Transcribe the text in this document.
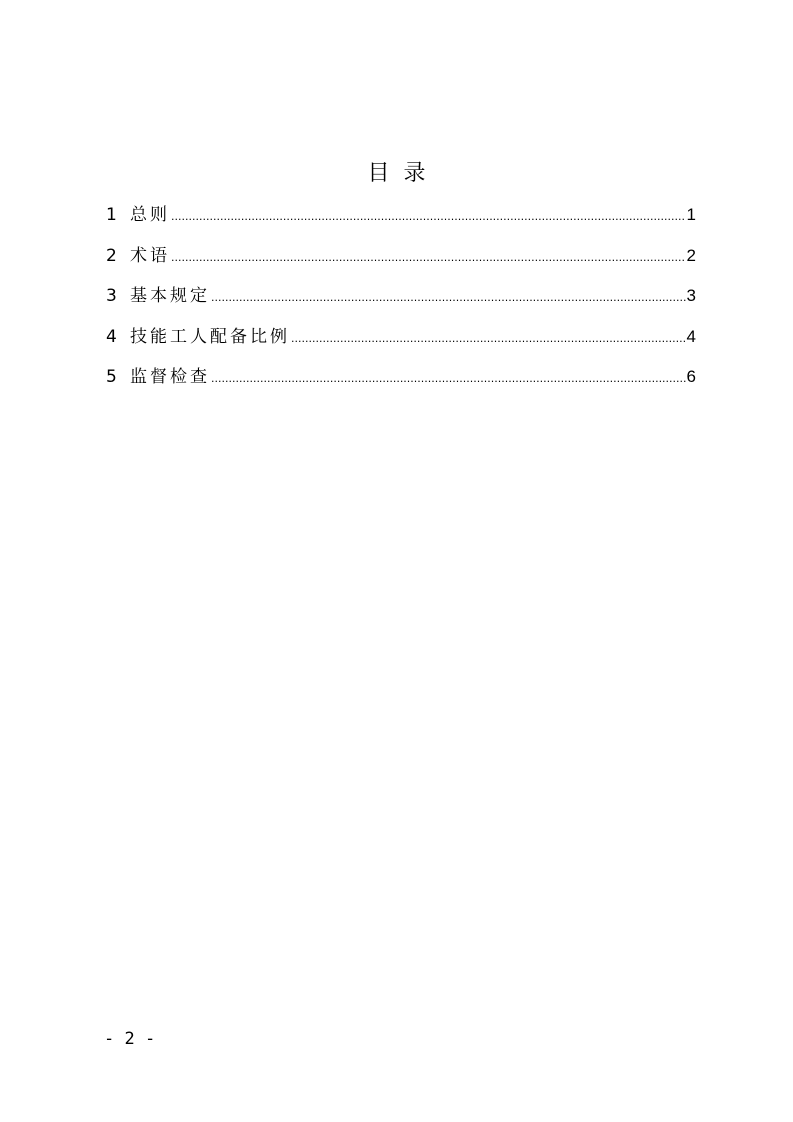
目  录
1 总则 .....	1
2 术语 .....	2
3 基本规定 .....	3
4 技能工人配备比例 .....	4
5 监督检查 .....	6
- 2 -
